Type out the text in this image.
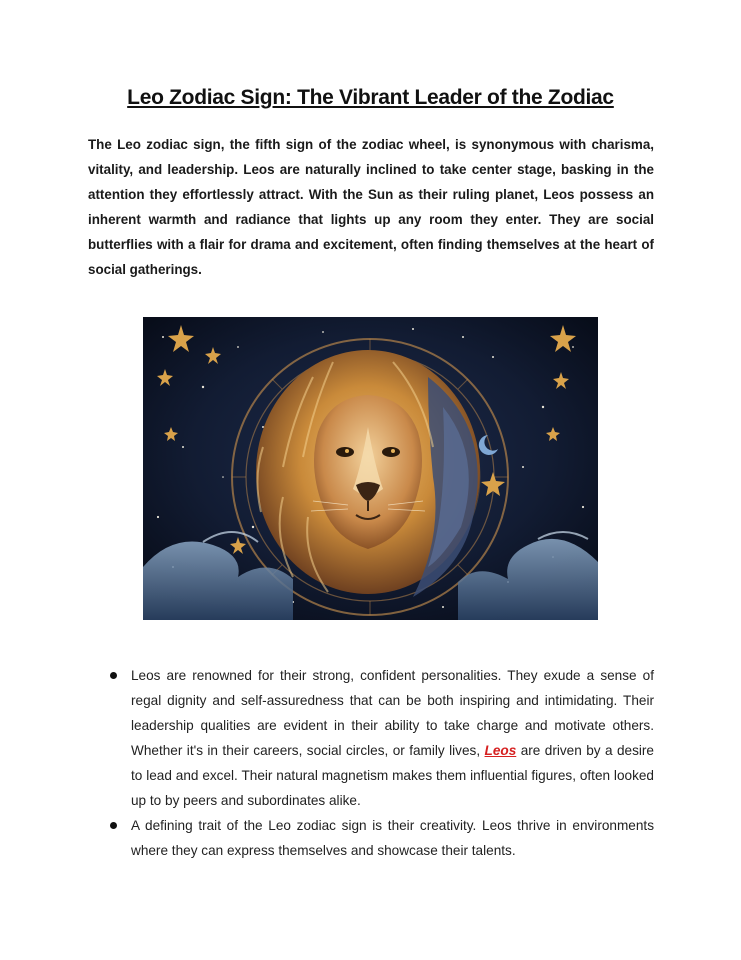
Leo Zodiac Sign: The Vibrant Leader of the Zodiac

The Leo zodiac sign, the fifth sign of the zodiac wheel, is synonymous with charisma, vitality, and leadership. Leos are naturally inclined to take center stage, basking in the attention they effortlessly attract. With the Sun as their ruling planet, Leos possess an inherent warmth and radiance that lights up any room they enter. They are social butterflies with a flair for drama and excitement, often finding themselves at the heart of social gatherings.

Leos are renowned for their strong, confident personalities. They exude a sense of regal dignity and self-assuredness that can be both inspiring and intimidating. Their leadership qualities are evident in their ability to take charge and motivate others. Whether it's in their careers, social circles, or family lives, Leos are driven by a desire to lead and excel. Their natural magnetism makes them influential figures, often looked up to by peers and subordinates alike.
A defining trait of the Leo zodiac sign is their creativity. Leos thrive in environments where they can express themselves and showcase their talents.
